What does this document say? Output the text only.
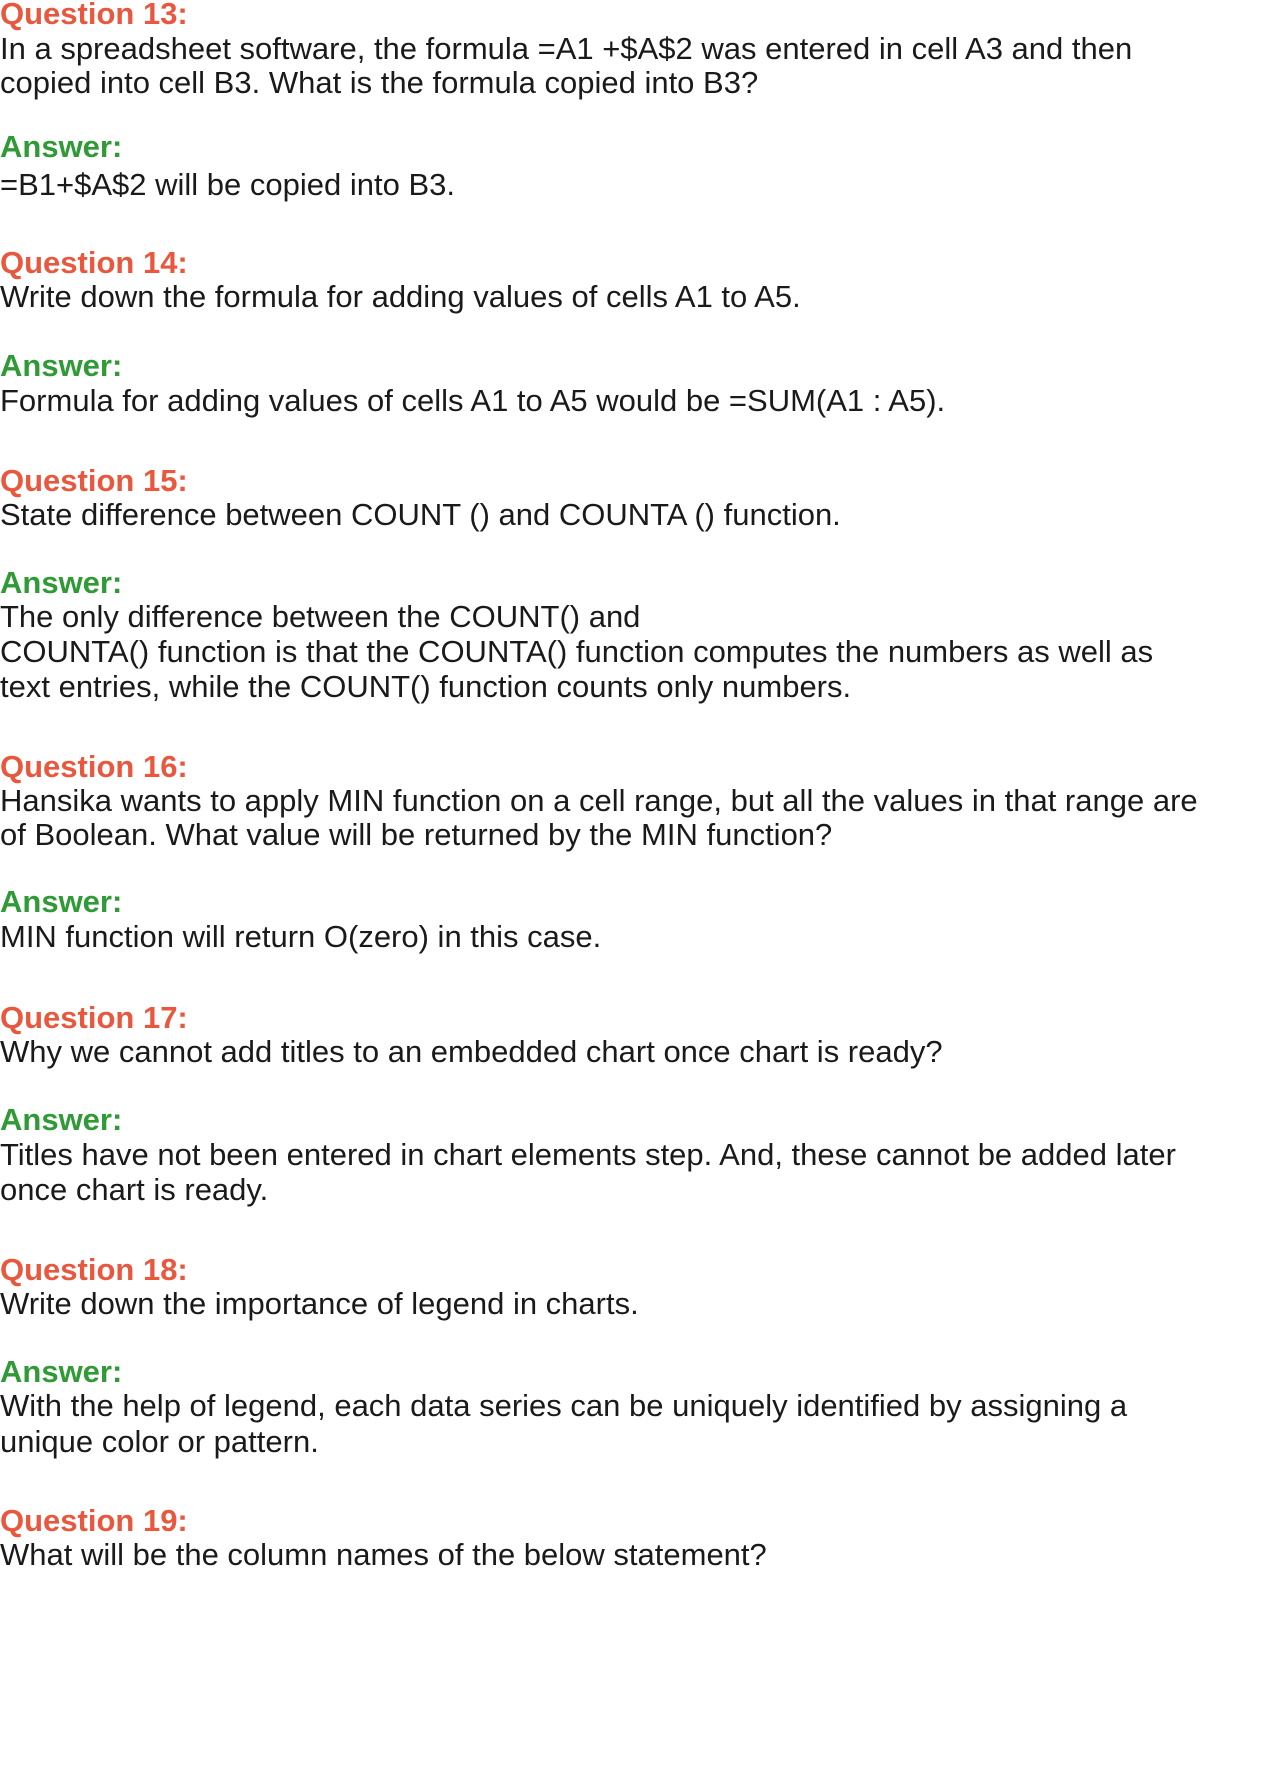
Question 13:

In a spreadsheet software, the formula =A1 +$A$2 was entered in cell A3 and then

copied into cell B3. What is the formula copied into B3?

Answer:

=B1+$A$2 will be copied into B3.

Question 14:

Write down the formula for adding values of cells A1 to A5.

Answer:

Formula for adding values of cells A1 to A5 would be =SUM(A1 : A5).

Question 15:

State difference between COUNT () and COUNTA () function.

Answer:

The only difference between the COUNT() and

COUNTA() function is that the COUNTA() function computes the numbers as well as

text entries, while the COUNT() function counts only numbers.

Question 16:

Hansika wants to apply MIN function on a cell range, but all the values in that range are

of Boolean. What value will be returned by the MIN function?

Answer:

MIN function will return O(zero) in this case.

Question 17:

Why we cannot add titles to an embedded chart once chart is ready?

Answer:

Titles have not been entered in chart elements step. And, these cannot be added later

once chart is ready.

Question 18:

Write down the importance of legend in charts.

Answer:

With the help of legend, each data series can be uniquely identified by assigning a

unique color or pattern.

Question 19:

What will be the column names of the below statement?
